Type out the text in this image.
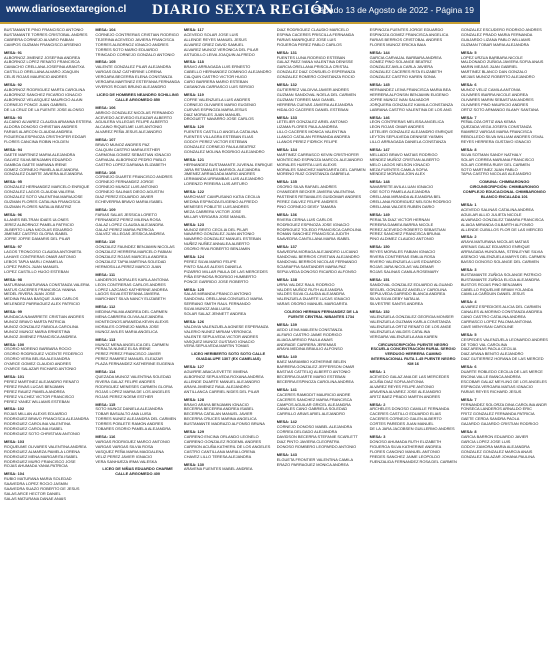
www.diariosextaregion.cl DIARIO SEXTA REGIÓN
Sábado 13 de Agosto de 2022 - Página 19
BUSTAMANTE PINO FRANCISCO ANTONIO
BUSTAMANTE TORRES CRISTOBAL ANDRES
CABRERA CORNEJO ALVARO FABIAN
CAMPOS GUZMAN FRANCISCO ARSENIO
MESA: 91
ALBORNOZ JIMENEZ JOSEFINA ANDREA
ALBORNOZ LOPEZ RENATO FRANCISCA
CAMACHO CRELLANA JOSEFINA ARANTXA
CASTILLO ORELLANA ALVARO JOAQUIN
CELIS ROJAS MAURICIO ANDRES
MESA: 92
ALBORNOZ RODRIGUEZ MARTA CAROLINA
ALBORNOZ SANCHEZ RICARDO IGNACIO
ALBORNOZ VELASQUEZ MAURICIO ALAIN
CORNEJO PONCE JUAN GABRIEL
DE LA CRUZ DE LA FUENTE JOSE ALONSO
MESA: 93
ALCAINO ALVAREZ CLAUDIA ARIANNA ESTERA
ALDORA DONOSO CHRISTIAN ANDRES
FARIAS ALARCON CLAUDIA ANDREA
FIGUEROA ESPINOZA CRISTHOFER EDGAR
FLORES CANCINA ROBIN HOLDEN
MESA: 94
GAETE MARTINEZ MARIA ALEJANDRA
GALVEZ SILVA BENJAMIN EDUARDO
GAMBOA GAETE MARIANA IRENE
GOMEZ CORNEJO PAMELA ALEJANDRA
GONZALEZ DUARTE JAVIERA ALEJANDRA
MESA: 95
GONZALEZ HERNANDEZ MARCELO ENRIQUE
GONZALEZ LAGOS CLAUDIA VALERIA
GONZALEZ SOTO VALENTINA MARIAJOSE
GUZMAN FLORES CATALINA FRANCISCA
GUZMAN FLORES NATALIA BEATRIZ
MESA: 96
ILLANES BELTRAN IDAES ULONES
JEREZ ALBORNOZ PAMELA PATRICIO
JILBERTO LUNA NICOLAS EDUARDO
JIMENEZ CASTRO GLORIA ISABEL
JOFRE JOFRE DAMARIS DEL PILAR
MESA: 97
LAGOS TRONCOSO CLAUDIA ANTONIETA
LAHAYE CONTRERAS OMAR ANTONIO
LEBOS TAPIA MARLI CHAMELIA
LOPEZ PAROL JUAN MANUEL
LOPEZ CASTILLO HUGO ESTEBAN
MESA: 98
MATURANA MATURANA CONSTANZA VALERIA
MATUS CACERES FRANCISCA YANINA
MEDEL RIVERA JUAN JOSE
MEDINA PALMA BASQUE JUAN CARLOS
MELENDEZ PARRAGUEZ ALEX PATRICIO
MESA: 99
MUNDACA NAVARRETE CRISTIAN ANDRES
MUNOZ BRAVO MARTA PATRICIA
MUNOZ GONZALEZ FABIOLA CAROLINA
MUNOZ MUNOZ MARIA ERNESTINA
MUNOZ JIMENEZ FRANCISCA ANDREA
MESA: 100
OSORIO MORENO BARBARA ROCIO
OSORIO RODRIGUEZ VICENTE FEDERICO
OSORIO VERA BELISA ALEXANDRA
OYARCE GOMEZ CLAUDIO ANDRES
OYARCE SALAZAR RICHARD ANTONIO
MESA: 101
PEREZ MARTINEZ ALEJANDRO RENATO
PEREZ RIVAS LUCAS BENJAMIN
PEREZ RAUEZ PAMELA ANDREA
PEREZ VILCHEZ VICTOR FRANCISCO
PEREZ YANEZ WILLIAMS ESTEBAN
MESA: 102
ROJAS MILLAN ALEXIS EDUARDO
RODRIGUEZ BRAVO FRANCISCA ALEJANDRA
RODRIGUEZ CAROLINA VALENTINA
RODRIGUEZ CAROLINA ISABEL
RODRIGUEZ SOTO CHRISTIAN ANTONIO
MESA: 103
ROQUEUME OLIVARES VALENTINA ANDREA
RODRIGUEZ ALMARZA PAMELA LORENA
RODRIGUEZ MENA MARGARITA ISABEL
RODRIGUEZ MURO FRANCISCO JOSE
ROJAS AHUMADA YANIA PATRICIA
MESA: 104
RUBIO MATURANA MARIA SOLEDAD
SAAVEDRA LOPEZ ROCIO JASMIN
SAAVEDRA SUAZO ROBERTO DE JESUS
SALAS ARCE HECTOR DANIEL
SALAS MATURANA DANAE ANAIS
MESA: 104
CORNEJO CONTRERAS CRISTIAN RODRIGO
TEJERINA ACEVEDO JAVIERA FRANCISCA
TORRES ALBORNOZ IGNACIO ANDRES
TORRES SOTO MARIO EDUARDO
TRINCADO CORNEJO GONZALO ANTONIO
MESA: 105
VALENTE GONZALEZ PILAR ALEJANDRA
VARGAS DIAZ CATHERINE LORENA
VERGARA BECERRA ELENA CONSTANZA
VERGARA MARTINEZ ESTEFANIA FERNANDA
VIVEROS ROJAS BRUNO ALEJANDRO
LICEO DE HOMBRES NEANDRO SCHILLING CALLE ARGOMEDO 850
MESA: 106
ABRIGO GONZALEZ NICOLAS FERNANDO
ACEVEDO ACEVEDO ELEAZAR ALBERTO
AGUILERA VILLEGAS FELIPE ALBERTO
ALCAINO RIQUELME LUIS ANTONIO
ALVAREZ PEÑA JESUS ALEJANDRO
MESA: 107
BRAVO MUNOZ ANDRES PAZ
CALQUIN CASTRO MARIA ESTHER
CARMONA GOMEZ SEBASTIAN IGNACIO
CARVAJAL ALBORNOZ PEDRO PABLO
CASTRO LOPEZ DARIANA ELIZABETH
MESA: 108
CORNEJO DUARTE FRANCISCO ANDRES
CORNEJO FERNANDEZ JORGE
CORNEJO MUNOZ LUIS ANTONIO
CORNEJO SALINAS DIEGO AGUSTIN
DIAZ PEREZ EDUARDO JAVIER
ECHEVERRIA BRAVO MARIA ISABEL
MESA: 109
FARIAS SALAS JESSICA LORETO
FERNANDEZ PEREZ MILENA ROSA
GALAZ LOPEZ CLAUDIA ALEJANDRA
GALAZ PEREZ MARIA PATRICIA
GALVEZ VILLEGAS JESSICA ANDREA
MESA: 110
GONZALEZ FAUNDEZ BENJAMIN NICOLAS
GONZALEZ HERRERA MARCELO FABIAN
GONZALEZ ROJAS MARCELA ANDREA
GONZALEZ TAPIA MARTINA SOLEDAD
HERMOSILLA PEREZ MARCO JUAN
MESA: 111
LANDEROS MORALES KARLA ANTONIA
LEON CONTRERAS CARLOS ANDRES
LOPEZ LAZCANO KATHERINE ANDREA
LAGOS SILVA ESTEFANIA JAVIERA
MARCHANT SILVA NANCY ELIZABETH
MESA: 112
MEDINA PALMA ANDREA DEL CARMEN
MENA CABRERA OLIVIA ALEJANDRA
MONTECINOS ARANEDA KEVIN ALEXIS
MORALES CORNEJO MARIA JOSE
MUNOZ AVILES MARIA ANGELICA
MESA: 113
MUNOZ MENA ANGELICA DEL CARMEN
PERALTA NUNEZ ELSA IRENE
PEREZ PEREZ FRANCISCO JAVIER
PEREZ RAMIREZ MANUEL ELEAZAR
PLAZA FERNANDEZ KATHERINE EUGENIA
MESA: 114
QUEZADA MUNOZ VALENTINA SOLEDAD
RIVERA GALAZ FELIPE ANDRES
RODRIGUEZ MENESES CARMEN GLORIA
ROJAS LOPEZ MARIA DE LOS ANGELES
ROJAS PEREZ NOEMI ESTHER
MESA: 115
SOTO MUNOZ DANIELA ALEJANDRA
TOBAR BASUALTO ANA LUISA
TORRES NUNEZ ALEJANDRA DEL CARMEN
TORRES POBLETE RAMON ANDRES
TOBARES OSORIO PAMELA ALEJANDRA
MESA: 116
VARGAS RODRIGUEZ MARCO ANTONIO
VARGAS VARGAS SILVIA ROSA
VASQUEZ PEÑA MARIA MAGDALENA
VELIZ PEREZ JAVIER IGNACIO
VERA SANHUEZA IRMA VALESKA
LICEO DE NIÑAS EDUARDO CHARME CALLE ARGOMEDO 400
MESA: 117
ACEVEDO SOLAR JOSE LUIS
ALLENDE REYES MANUEL JESUS
ALVAREZ GRIEZ DAVID SAMUEL
ALVAREZ MUNOZ VERONICA DEL PILAR
ASTUDILLO LEIVA JOAQUIN ALFREDO
MESA: 118
BRAVO ARRIAGADA LUIS ERNESTO
CABELLO HERNANDEZ DOMINGO ALEJANDRO
CALQUIN CASTRO VICTOR HUGO
CARO BARRERA MARIO ESTEBAN
CASANOVA CARRASCO LUIS SERGIO
MESA: 119
COFRE VALENZUELA LUIS ANDRES
CORNEJO OLIVARES MARIO EUGENIO
CUEVAS ESPINOZA MARIA JESUS
DIAZ MORALES JUAN MANUEL
DROGUETT NAVARRO JOSE CARLOS
MESA: 120
FUENTES CASTILLO ANGELA CATALINA
FUENTES VILLAGRA ESTEBAN ELIAS
GODOY PEREZ VICTOR ESTEBAN
GONZALEZ CORNEJO PAULA BEATRIZ
GONZALEZ MOLINA RODRIGO ALEJANDRO
MESA: 121
HERNANDEZ BUSTAMANTE JUVENAL ENRIQUE
JARA RETAMALES MARISOL ALEJANDRA
JIMENEZ ARRIAGADA MARIO ANDRES
LERIMANDA URRAMBAS LUIS ALEJANDRO
LORENZO PEREIRA LUIS ARTURO
MESA: 122
MARCHANT CAMPUSANO KATIA CECILIA
MEDINA ESPINOZA EUGENIO ALFREDO
MENESES POBLETE LUIS ANDRES
MEZA CABRERA VICTOR JOSE
MILLAR VERGARA JOSE MANUEL
MESA: 123
MUNOZ BRITO CECILIA DEL PILAR
NAVARRO GONZALEZ JUAN ANTONIO
NAVARRO GONZALEZ MANUEL ESTEBAN
NUÑEZ NUÑEZ ANNALEA ALBERTO
OSORIO RIVA ROBERTO BENJAMIN
MESA: 124
PEREZ SILVA MARIO FELIPE
PINTO SALAS ALEXIS DANIELA
PIZARRO MILLAR PAULA DE LAS MERCEDES
PIÑA ESPINOSA RODRIGO HUMBERTO
PONCE GARRIDO JOSE ROBERTO
MESA: 125
SALAS MIRANDA FRANCO ANTONIO
SANDOVAL ORELLANA CONSUELO MARIA
SERRANO SMITH RAUL FERNANDO
SILVA MUNOZ ANA LUISA
SOLAR SALAZ JENNETT ANDREA
MESA: 126
VALDIVIA VALENZUELA AGNESE ESPERANZA
VALERIO NUNEZ MIRIAM VERONICA
VALENTE SEPULVEDA VICTOR ANDRES
VASQUEZ MUNOZ GUSTAVO IGNACIO
VERA SEPULVEDA MARTIN TOMAS
LICEO HERIBERTO SOTO SOTO CALLE GUADALUPE 1307 (EX CAMELIAS)
MESA: 127
AGUIRRE ABACA EVETTE XIMENA
ALBORNOZ SEPULVEDA ROXANA ANDREA
ALLENDE DUARTE MANUEL ALEJANDRO
ARAYA JIMENEZ RAUL ALEJANDRO
ANTILLANCA CARRIEL NIDES DEL PILAR
MESA: 128
BRAVO ARAYA BENJAMIN IGNACIO
BECERRA BECERRA ANDREA ISABEL
BECERRA CATALAN MANUEL JAVIER
BECERRA CRUCES MARINA ANGELICA
BUSTAMANTE MADRAZO ALFONSO BRUNA
MESA: 129
CARRENO ENCINA ORLANDO LEONELO
CARRENO GONZALEZ RODEMIL ANDRES
CARRION ACUÑA KATHERIL DE LOS ANGELES
CASTRO CANTILLANA MARIA LORENA
CHAVEZ LILLO TERESA ALEJANDRA
MESA: 130
ARAVENA FUENTES MABEL ANDREA
DIAZ RODRIGUEZ CLAUDIO MARCELO
ESPINA CACERES PRISCILLA FERNANDA
FARIAS MANRIQUEZ JOSE LUIS
FIGUEROA PEREZ PABLO CARLOS
MESA: 131
FUENTES LUNA RODRIGO ESTEBAN
GALAZ PAEZ IVANA VALENTINA DENISSE
GARCIA ORELLANA PRISCILA CRISTAL
GONZALEZ DIAZ CONSUELO ESPERANZA
GONZALEZ ROMERO CONSTANZA ROCIO
MESA: 132
GUTIERREZ VALDIVIA JAVIER ANDRES
GUZMAN SANDOVAL NOELA DEL CARMEN
GUZMAN TORRES MAX DANIEL
HERRERA CUEVAS JAVIERA ALEJANDRA
HIDALGO CACERES DANIEL ESTEBAN
MESA: 133
LETELIER GONZALEZ ARIEL ANTONIO
LIZAMA FLORES PAULA ANDREA
LILLO CACERES MONICA VALENTINA
LLANCO CATALAN FERNANDA ANDREA
LLANOS PEREZ FIDRICK FELIPE
MESA: 134
MARTINEZ CARRASCO KEVIN CRISTHOFER
MONTECINO ESPINOZA MARCOL ALEJANDRO
MORALES HUERTA LUIS ALEXIS
MORALES SANCHEZ MARGARITA DEL CARMEN
MORENO RUIZ CONSTANZA GABRIELA
MESA: 135
OSORIO SILVA RAFAEL ANDRES
OYANEDER BECKER JAVIERA VALENTINA
PASTENES RETAMALES GUIDOMAR ANDRES
PEREZ GALVEZ FELIPE ANDRES
PINO CORNEJO DEISY TAMARA
MESA: 136
RIVERA CERNA LUIS CARLOS
RODRIGUEZ ESPINOZA JOSE IGNACIO
RODRIGUEZ TOLEDO FRANCISCA CAROLINA
ROMAN SANCHEZ FRANCISCA JUDITH
SAAVEDRA CANTILLANA MARIA ISABEL
MESA: 137
SAAVEDRA MORAGA ALEJANDRO LUCIANO
SANDOVAL BERRIOS CRISTIAN ALEJANDRO
SANDOVAL BERRIOS NICOLAS FERNANDO
SCIARAFFIA SANTANDER MARIA PAZ
SEPULVEDA DONOSO RICARDO ALFONSO
MESA: 138
URRA VALDEZ RAUL RODRIGO
VALDES MUÑOZ RUTH ALEJANDRA
VALDES SILVA CLAUDIA ALEJANDRA
VALENZUELA DUARTE LUCAS IGNACIO
VARAS OSORIO MANUEL MARGARITA
COLEGIO HERMAN FERNANDEZ DE LA FUENTE CENTRAL NIBANTES 1734
MESA: 139
AEDO LEIVA MAILEEN CONSTANZA
ALFARO CASTRO JAIME RODRIGO
ALIAGA ARRIGO PAULA ANAIS
ANDRADE CARRERA JEREMIAS
ARAYA MEDINA BRAULIO ALFONSO
MESA: 140
BAEZ MARAMBIO KATHERINE BELEN
BARRERA GONZALEZ JEFFERSON OMAR
BASTIAS CATTELIQ ALBERTO ANTONIO
BECERRA DUARTE MARIO ESTEBAN
BECERRA ESPINOZA CAROLINA ANDREA
MESA: 141
CACERES RAMIDDIT MAURICIO ANDRE
CACERES SANCHEZ MARIA FRANCISCA
CAMPOS AGUILAR GRICEL ALEJANDRA
CANALES CANO GABRIELA SOLEDAD
CARRILLO ARIAS ARIEL ALEJANDRO
MESA: 142
CORNEJO DONOSO MABEL ALEJANDRA
CORREA DELGADO ALEJANDRA
DAVIDSON BECERRA STEFANIE SCARLETT
DIAZ PINTO JAVIERA CLEOPATRA
DONOSO ROMBERG LEOPARDO ANTONIO
MESA: 143
ELGUETA FRONTIER VALENTINA CAMILA
ERAZO PARRAGUEZ MONICA ANDREA
ESPINOZA FUENTES JORGE EDUARDO
ESPINOZA GOMEZ FRANCISCA ANGELICA
FARIAS BERRIOS CRISTOBAL ANDRES
FLORES MUNOZ ERICKA BAIA
MESA: 144
GARCIA CARVAJAL BARBARA ANDREA
GOMEZ PINO SOLANGE BEATRIZ
GONZALEZ AVILA CARLA JAVIERA
GONZALEZ CACERES RITA ELIZABETH
GONZALEZ CASTRO KAREN SONIA
MESA: 145
HERNANDEZ LEIVA FRANCISCA MARIA BEA
HERRERA ALFONSIN BENJAMIN EUGENIO
JOFRE MUNOZ IVAN SALVADOR
JORQUERA GONZALEZ KAMILA CONSTANZA
LABRANA CASTRO VALENTINA DE LOS ANG
MESA: 146
LEON CONTRERAS MELISSA ANGELICA
LEON ROJAS OMAR ANDRES
LETELIER GONZALEZ ALEJANDRO ENRIQUE
LEYTON SEPULVEDA DENNISE YASMIN
LILLO ARRIAGADA DANIELA CONSTANZA
MESA: 147
MELLADO BRAVO MATIAS RODRIGO
MENDEZ MUÑOZ CRISTIAN ALBERTO
MELO LAGOS NELSON IGNACIO
MEZA FUENTES CAMILA SOFIA
MENDEZ MORAGA JOIN ALEX
MESA: 148
NAVARRETE AVILA LUAN IGNACIO
OSE SOTO PAMELA ALEJANDRA
ORELLANA MIRANDA ALEJANDRA BEL
ORELLANA RODRIGUEZ NELSON RODRIGO
ORELLANA VALDES RUBEN DARIO
MESA: 149
PERALTA DIAZ VICTOR HERNAN
PEREIRA DAMIEA BARRIA NICOLE
PEREZ ACEVEDO ROBERTO SEBASTIAN
PEREZ SANCHEZ FRANCISCA BRUNA
PINO ALDIMEZ CLAUDIO ANTONIO
MESA: 150
REYES MORALES FABIAN IGNACIO
RIVERA CONTRERAS EMILIA ROSA
RIVERO VALENZUELA LUIS EDUARDO
ROJAS JARA NICOLAS VALDEMAR
ROJAS SALINAS CAMILA ROSEMARY
MESA: 151
SANDOVAL GONZALEZ EDUARDO ALGUAND
SEGUEL GONZALEZ ANGELLY CAROLINA
SEPULVEDA GARRIDO BLANCA ANDREA
SILVA SILVA DEBY NATALIA
SILVESTRE SANTIS ANDREA
MESA: 152
VALENZUELA GONZALEZ GEORGIA MONSER
VALENZUELA GUZMAN KARLA CONSTANZA
VALENZUELA ORTIZ RENATO DE LOS ANGE
VALENZUELA VALDES CATALINA
VERGARA VALENZUELA ANA KAREN
CIRCUNSCRIPCIÓN: PUENTE NEGRO ESCUELA CONCENTRACIÓN RURAL SERGIO VERDUGO HERRERA CAMINO INTERNACIONAL RUTA 1-45 PUENTE NEGRO KM 16
MESA: 1
ACEVEDO GALAZ ANA DE LAS MERCEDES
ACUÑA DIAZ SOFIA ANTONIA
ALVAREZ REYES FELIPE ANTONIO
ARAVENA ALVAREZ JOSE ALEJANDRO
ARITZ BAEZ PRADO MARTIN ANDRES
MESA: 2
ARCHELES DONOSO CAMILLE FERNANDA
CACERES CASTILLO EDUARDO ELIAS
CACERES CORNEJO GALEN ALBERTO
CORTES PAREDES JUAN MANUEL
DE LA JARA JACOBSEN GUILLERMO ANDRES
MESA: 3
DONOSO AHUMADA RUTH ELIZABETH
FIGUEROA SILVA KATHERINE ANDREA
FLORES CANCINO MANUEL ANTONIO
FREDES SANCHEZ JAIME LEOPOLDO
FUENZALIDA FERNANDEZ ROSA DEL CARMEN
GONZALEZ ESCUDERO RODRIGO ANDRES
GONZALEZ PRADO MARIA FERNANDA
GUAJARDO LIZANA PABLO WILLIAMS
GUZMAN TOBAR MARIA ALEJANDRA
MESA: 5
LOPEZ URZUA BARBARA NICOLE
MALDONADO ZUÑIGA JAVIERA SOFIA ANAIS
MARIN MEJIAS JUAN GABRIEL
MARTINEZ BLANCO DAN GONZALO
MEJIAS MUNOZ ROBERTO ALEJANDRO
MESA: 6
MUNOZ VELIZ CAMILA ANTONIA
OLIVARES IBARRA NICOLE ANDREA
OLIVARES MARIN SEBASTIAN ANDRES
OLIVARES PINO MAURICIO ANDRES
ORTIZ SOTO ARMANDO BLAMY SANTANA
MESA: 7
PEÑALOZA ORTIZ ANA KEMIA
QUEZADA VEGA JOSEFA CONSTANZA
RAMIREZ VARGAS MARIA FRANCISCA
REBOLLEDO SILVA WILLIAM ANDRES OSVAL
REYES HERRERA GUSTAVO IGNACIO
MESA: 8
SILVA SOTMAN SANDY NATHALY
SOLAR CORREA MARIANA FRANCISCO
SOLAR CORREA RUBY DEL CARMEN
SOTO MARTINEZ JUAN PABLO
TAPIA CASTRO NICOLAS ALEJANDRO
COMUNA: CHIMBARONGO CIRCUNSCRIPCIÓN: CHIMBARONGO COMPLEJO EDUCACIONAL CHIMBARONGO BLANCO ENCALADA 101
MESA: 1
ACEVEDO SALINAS CATALINA ANDREA
AGUILAR ALLIO JULIETA NICOLE
ALVARADO GONZALEZ TAMARA FRANCISCA
ALIAGA MIRANDA GILBARTH ALFONSO
ALLENDE CUBILLOS FLOR DE LAS MERCED
MESA: 2
ARAYA MATURANA NICOLAS MATIAS
ARENAS GALAZ EDUARDO ENRIQUE
ARRIAGADA HUNOUMA, STENLEYNE SILVIA
ASENCIO VALENZUELA MARYS DEL CARMEN
BASSO DONOSO SOLANGE DEL CARMEN
MESA: 3
BUSTAMANTE ZUÑIGA SOLANGE PATRICIO
BUSTAMANTE ZUÑIGA ELICIA ALEJANDRA
BUSTOS ROJAS PINO BENJAMIN
CABELLO RIQUELME BRIAM YOLANDA
CAMILLA CARDUIN DANIEL JESUS
MESA: 4
ALVAREZ ESPEDIOES ALICIA DEL CARMEN
CANALES ALMORINO CONSTANZA ANDREA
CANO CASTRO CATALINA ANDREA
CARRASCO LOPEZ PALOMA ANTONIA
CAVE MENYISAN CAROLINE
MESA: 5
CESPEDES VALENZUELA LEONARDO ANDRES
DE TOBO VAL CAROLINA
DIAZ ARENAS PAOLA CECILIA
DIAZ ARANA BENITO ALEJANDRO
DIAZ GUTIERREZ HORANA DE LAS MERCED
MESA: 6
DUARTE ROBLEDO CECILIA DE LAS MERCE
ENCINA VALLE BIANCA ANDREA
ESCOBAR GALAZ MEYLING DE LOS ANGELES
ESPINOZA VERGARA MATIAS IGNACIO
FARIAS REYES RICHARD JESUS
MESA: 7
FERNANDEZ SOLORZA DINA CAROLINA ANDR
FONSECA LANDEROS ARNALDO ERIC
FRITZ GONZALEZ FERNANDA PATRICIA
GAETE CERDA SANDRA PAOLA
GAJARDO GAJARDO CRISTIAN RODRIGO
MESA: 8
GARCIA BARRON EDUARDO JAVIER
GARCIA LOPEZ JOSE LUIS
GODOY ZAMORA MARIA ALEJANDRA
GONZALEZ GONZALEZ MARCIA ANAIS
GONZALEZ SALAZAR JOHANA PAULINA
